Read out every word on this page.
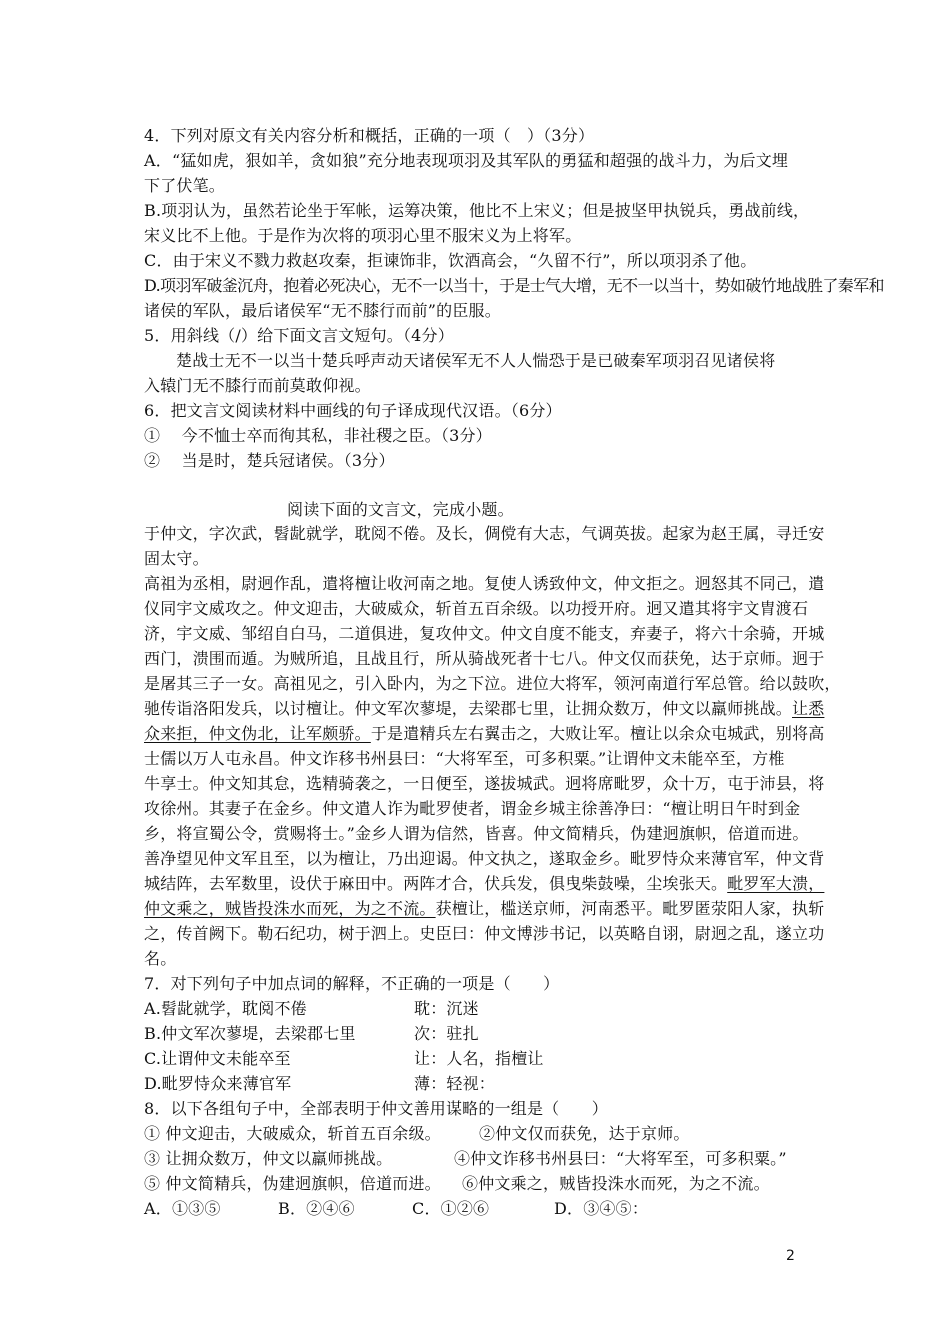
4．下列对原文有关内容分析和概括，正确的一项（　）（3分）
A．“猛如虎，狠如羊，贪如狼”充分地表现项羽及其军队的勇猛和超强的战斗力，为后文埋
下了伏笔。
B.项羽认为，虽然若论坐于军帐，运筹决策，他比不上宋义；但是披坚甲执锐兵，勇战前线，
宋义比不上他。于是作为次将的项羽心里不服宋义为上将军。
C．由于宋义不戮力救赵攻秦，拒谏饰非，饮酒高会，“久留不行”，所以项羽杀了他。
D.项羽军破釜沉舟，抱着必死决心，无不一以当十，于是士气大增，无不一以当十，势如破竹地战胜了秦军和
诸侯的军队，最后诸侯军“无不膝行而前”的臣服。
5．用斜线（/）给下面文言文短句。（4分）
楚战士无不一以当十楚兵呼声动天诸侯军无不人人惴恐于是已破秦军项羽召见诸侯将
入辕门无不膝行而前莫敢仰视。
6．把文言文阅读材料中画线的句子译成现代汉语。（6分）
①　 今不恤士卒而徇其私，非社稷之臣。（3分）
②　 当是时，楚兵冠诸侯。（3分）
阅读下面的文言文，完成小题。
于仲文，字次武，髫龀就学，耽阅不倦。及长，倜傥有大志，气调英拔。起家为赵王属，寻迁安
固太守。
高祖为丞相，尉迥作乱，遣将檀让收河南之地。复使人诱致仲文，仲文拒之。迥怒其不同己，遣
仪同宇文威攻之。仲文迎击，大破威众，斩首五百余级。以功授开府。迥又遣其将宇文胄渡石
济，宇文威、邹绍自白马，二道俱进，复攻仲文。仲文自度不能支，弃妻子，将六十余骑，开城
西门，溃围而遁。为贼所追，且战且行，所从骑战死者十七八。仲文仅而获免，达于京师。迥于
是屠其三子一女。高祖见之，引入卧内，为之下泣。进位大将军，领河南道行军总管。给以鼓吹，
驰传诣洛阳发兵，以讨檀让。仲文军次蓼堤，去梁郡七里，让拥众数万，仲文以羸师挑战。让悉
众来拒，仲文伪北，让军颇骄。于是遣精兵左右翼击之，大败让军。檀让以余众屯城武，别将高
士儒以万人屯永昌。仲文诈移书州县曰：“大将军至，可多积粟。”让谓仲文未能卒至，方椎
牛享士。仲文知其怠，选精骑袭之，一日便至，遂拔城武。迥将席毗罗，众十万，屯于沛县，将
攻徐州。其妻子在金乡。仲文遣人诈为毗罗使者，谓金乡城主徐善净曰：“檀让明日午时到金
乡，将宣蜀公令，赏赐将士。”金乡人谓为信然，皆喜。仲文简精兵，伪建迥旗帜，倍道而进。
善净望见仲文军且至，以为檀让，乃出迎谒。仲文执之，遂取金乡。毗罗恃众来薄官军，仲文背
城结阵，去军数里，设伏于麻田中。两阵才合，伏兵发，俱曳柴鼓噪，尘埃张天。毗罗军大溃，
仲文乘之，贼皆投洙水而死，为之不流。获檀让，槛送京师，河南悉平。毗罗匿荥阳人家，执斩
之，传首阙下。勒石纪功，树于泗上。史臣曰：仲文博涉书记，以英略自诩，尉迥之乱，遂立功
名。
7．对下列句子中加点词的解释，不正确的一项是（　　）
A.髫龀就学，耽阅不倦	耽：沉迷
B.仲文军次蓼堤，去梁郡七里	次：驻扎
C.让谓仲文未能卒至	让：人名，指檀让
D.毗罗恃众来薄官军	薄：轻视：
8．以下各组句子中，全部表明于仲文善用谋略的一组是（　　）
① 仲文迎击，大破威众，斩首五百余级。 ②仲文仅而获免，达于京师。
③ 让拥众数万，仲文以羸师挑战。	④仲文诈移书州县曰：“大将军至，可多积粟。”
⑤ 仲文简精兵，伪建迥旗帜，倍道而进。 ⑥仲文乘之，贼皆投洙水而死，为之不流。
A．①③⑤	B．②④⑥	C．①②⑥	D．③④⑤：
2
